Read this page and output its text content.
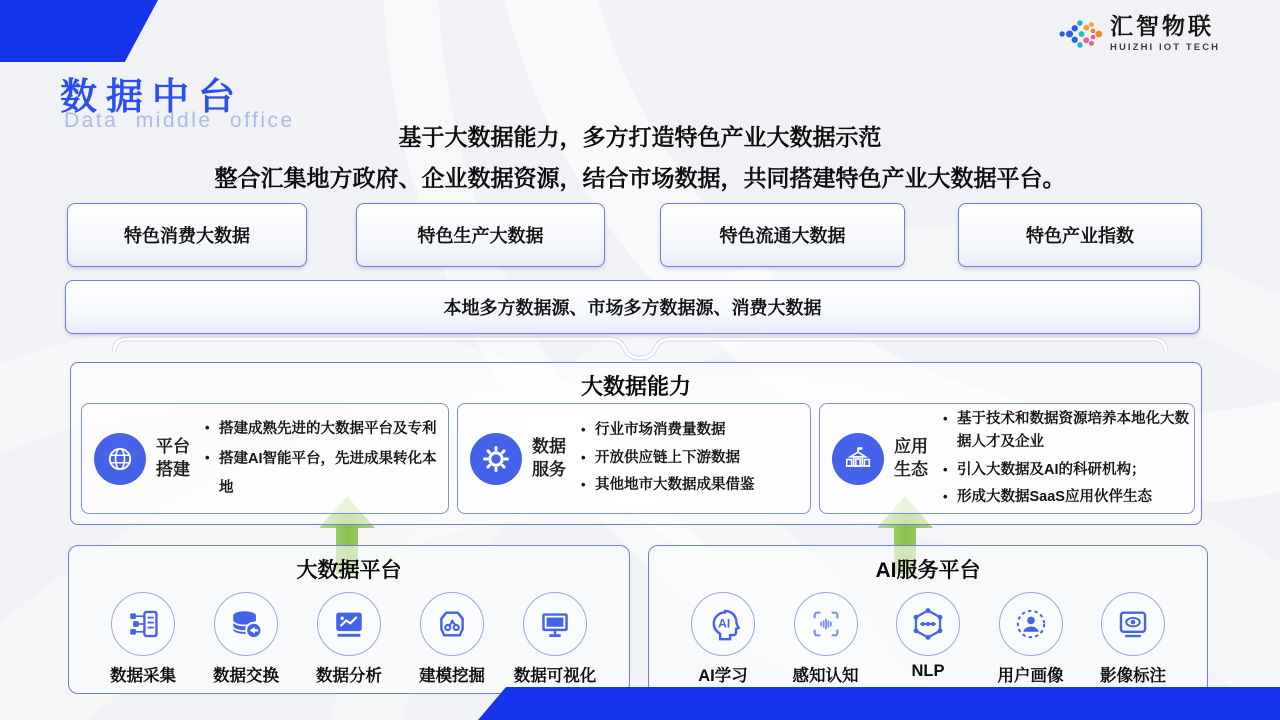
汇智物联
HUIZHI IOT TECH
数据中台
Data middle office
基于大数据能力，多方打造特色产业大数据示范
整合汇集地方政府、企业数据资源，结合市场数据，共同搭建特色产业大数据平台。
特色消费大数据	特色生产大数据	特色流通大数据	特色产业指数
本地多方数据源、市场多方数据源、消费大数据
大数据能力
平台
搭建
• 搭建成熟先进的大数据平台及专利
• 搭建AI智能平台，先进成果转化本地
数据
服务
• 行业市场消费量数据
• 开放供应链上下游数据
• 其他地市大数据成果借鉴
应用
生态
• 基于技术和数据资源培养本地化大数据人才及企业
• 引入大数据及AI的科研机构；
• 形成大数据SaaS应用伙伴生态
大数据平台
数据采集	数据交换	数据分析	建模挖掘	数据可视化
AI服务平台
AI
AI学习	感知认知	NLP	用户画像	影像标注
